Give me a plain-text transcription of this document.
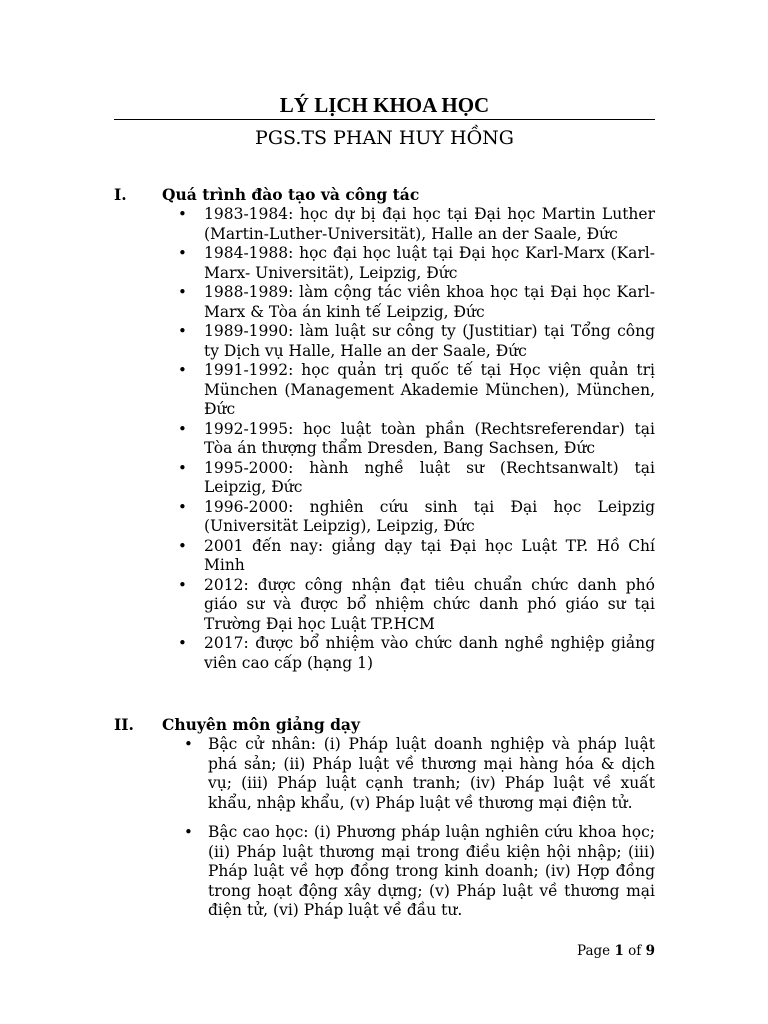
LÝ LỊCH KHOA HỌC
PGS.TS PHAN HUY HỒNG
I.	Quá trình đào tạo và công tác
• 1983-1984: học dự bị đại học tại Đại học Martin Luther (Martin-Luther-Universität), Halle an der Saale, Đức
• 1984-1988: học đại học luật tại Đại học Karl-Marx (Karl-Marx- Universität), Leipzig, Đức
• 1988-1989: làm cộng tác viên khoa học tại Đại học Karl-Marx & Tòa án kinh tế Leipzig, Đức
• 1989-1990: làm luật sư công ty (Justitiar) tại Tổng công ty Dịch vụ Halle, Halle an der Saale, Đức
• 1991-1992: học quản trị quốc tế tại Học viện quản trị München (Management Akademie München), München, Đức
• 1992-1995: học luật toàn phần (Rechtsreferendar) tại Tòa án thượng thẩm Dresden, Bang Sachsen, Đức
• 1995-2000: hành nghề luật sư (Rechtsanwalt) tại Leipzig, Đức
• 1996-2000: nghiên cứu sinh tại Đại học Leipzig (Universität Leipzig), Leipzig, Đức
• 2001 đến nay: giảng dạy tại Đại học Luật TP. Hồ Chí Minh
• 2012: được công nhận đạt tiêu chuẩn chức danh phó giáo sư và được bổ nhiệm chức danh phó giáo sư tại Trường Đại học Luật TP.HCM
• 2017: được bổ nhiệm vào chức danh nghề nghiệp giảng viên cao cấp (hạng 1)
II.	Chuyên môn giảng dạy
• Bậc cử nhân: (i) Pháp luật doanh nghiệp và pháp luật phá sản; (ii) Pháp luật về thương mại hàng hóa & dịch vụ; (iii) Pháp luật cạnh tranh; (iv) Pháp luật về xuất khẩu, nhập khẩu, (v) Pháp luật về thương mại điện tử.
• Bậc cao học: (i) Phương pháp luận nghiên cứu khoa học; (ii) Pháp luật thương mại trong điều kiện hội nhập; (iii) Pháp luật về hợp đồng trong kinh doanh; (iv) Hợp đồng trong hoạt động xây dựng; (v) Pháp luật về thương mại điện tử, (vi) Pháp luật về đầu tư.
Page 1 of 9
